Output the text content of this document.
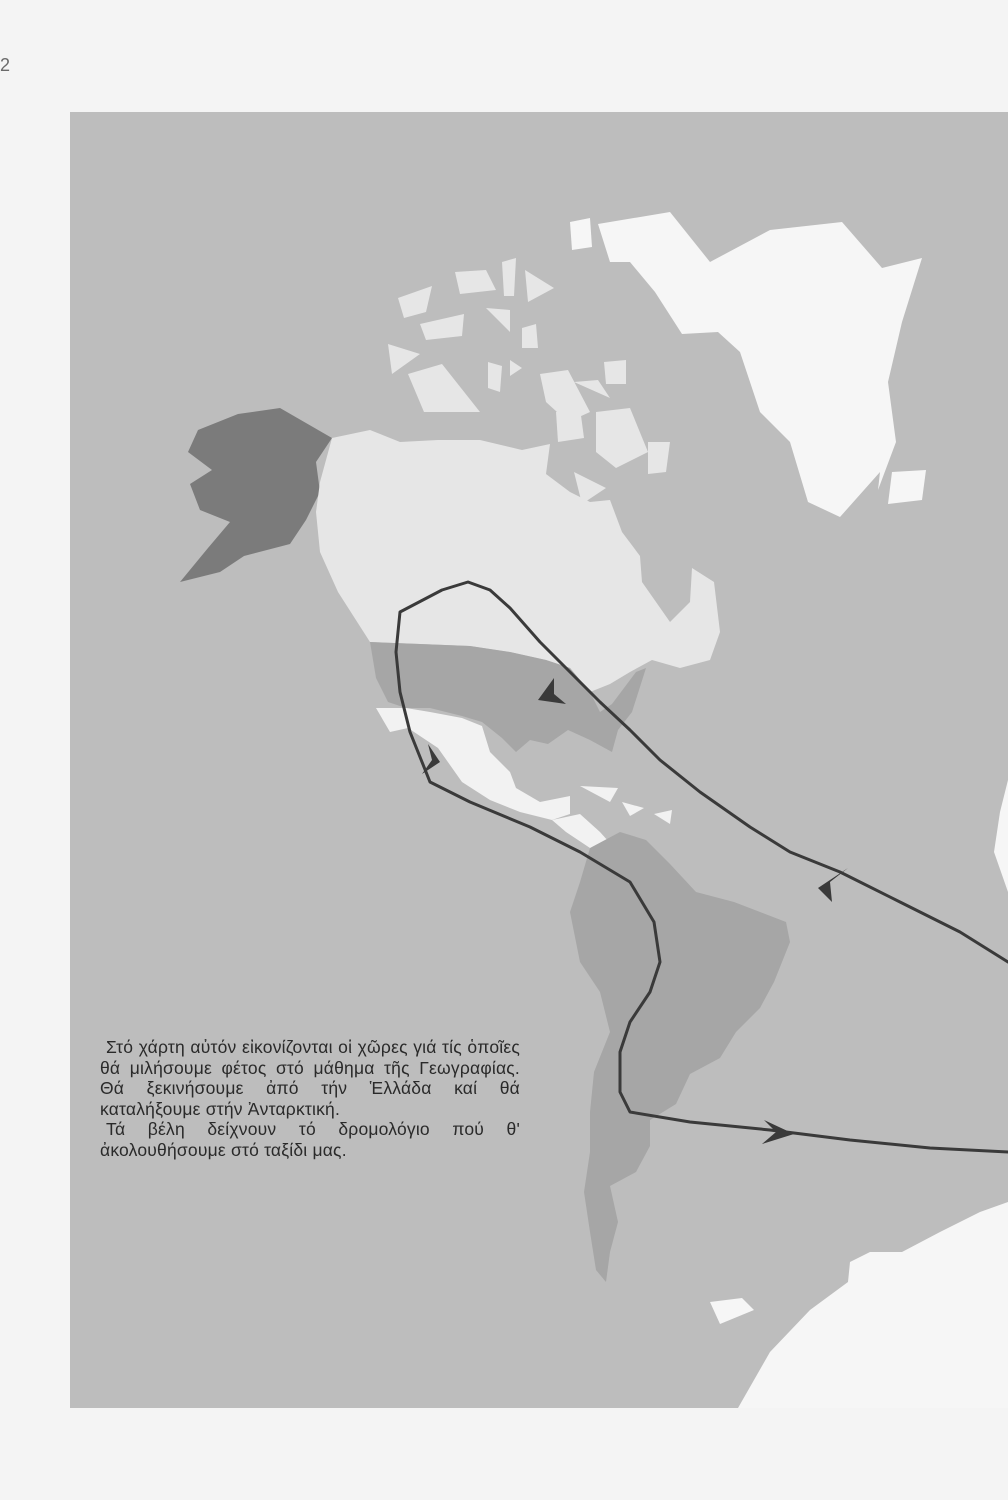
2

Στό χάρτη αὐτόν εἰκονίζονται οἱ χῶρες γιά τίς ὁποῖες θά μιλήσουμε φέτος στό μάθημα τῆς Γεωγραφίας. Θά ξεκινήσουμε ἀπό τήν Ἑλλάδα καί θά καταλήξουμε στήν Ἀνταρκτική.

Τά βέλη δείχνουν τό δρομολόγιο πού θ' ἀκολουθήσουμε στό ταξίδι μας.
